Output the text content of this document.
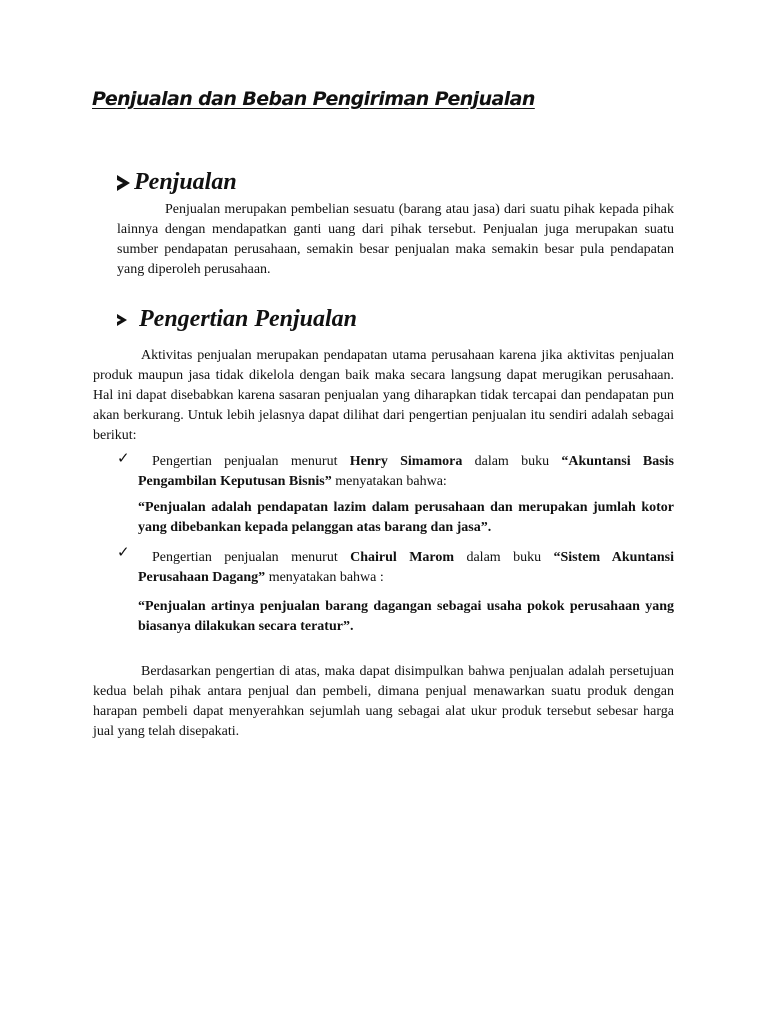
Penjualan dan Beban Pengiriman Penjualan
Penjualan

Penjualan merupakan pembelian sesuatu (barang atau jasa) dari suatu pihak kepada pihak lainnya dengan mendapatkan ganti uang dari pihak tersebut. Penjualan juga merupakan suatu sumber pendapatan perusahaan, semakin besar penjualan maka semakin besar pula pendapatan yang diperoleh perusahaan.

Pengertian Penjualan

Aktivitas penjualan merupakan pendapatan utama perusahaan karena jika aktivitas penjualan produk maupun jasa tidak dikelola dengan baik maka secara langsung dapat merugikan perusahaan. Hal ini dapat disebabkan karena sasaran penjualan yang diharapkan tidak tercapai dan pendapatan pun akan berkurang. Untuk lebih jelasnya dapat dilihat dari pengertian penjualan itu sendiri adalah sebagai berikut:

✓	Pengertian penjualan menurut Henry Simamora dalam buku “Akuntansi Basis Pengambilan Keputusan Bisnis” menyatakan bahwa:

“Penjualan adalah pendapatan lazim dalam perusahaan dan merupakan jumlah kotor yang dibebankan kepada pelanggan atas barang dan jasa”.

✓	Pengertian penjualan menurut Chairul Marom dalam buku “Sistem Akuntansi Perusahaan Dagang” menyatakan bahwa :

“Penjualan artinya penjualan barang dagangan sebagai usaha pokok perusahaan yang biasanya dilakukan secara teratur”.

Berdasarkan pengertian di atas, maka dapat disimpulkan bahwa penjualan adalah persetujuan kedua belah pihak antara penjual dan pembeli, dimana penjual menawarkan suatu produk dengan harapan pembeli dapat menyerahkan sejumlah uang sebagai alat ukur produk tersebut sebesar harga jual yang telah disepakati.
